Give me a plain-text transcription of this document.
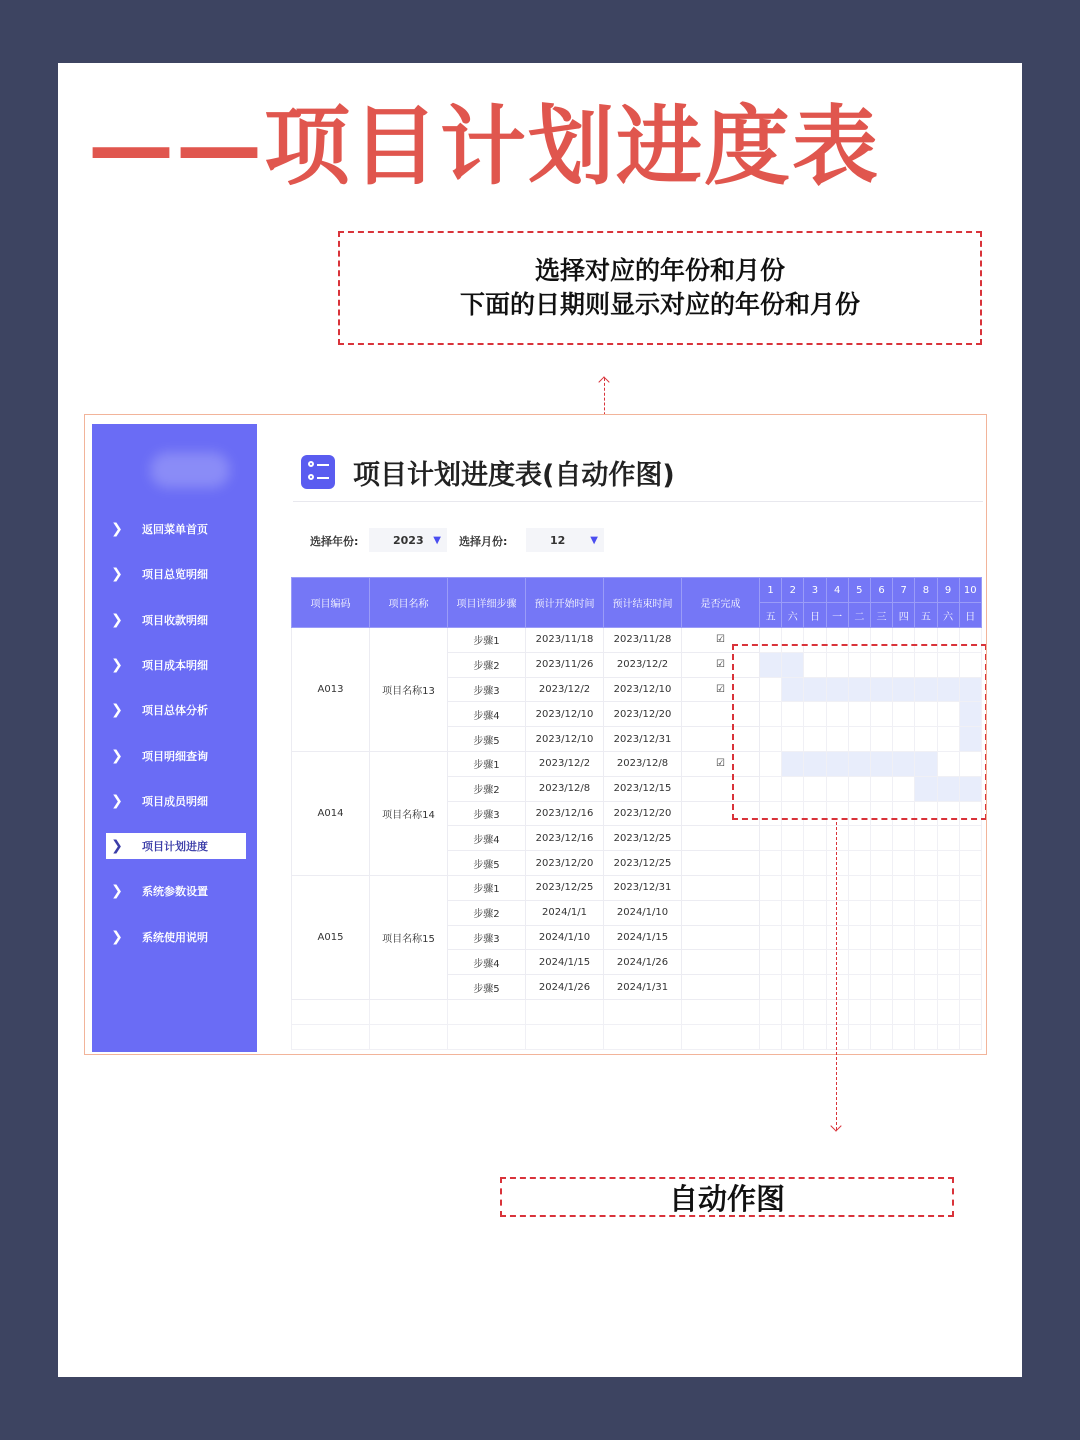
——项目计划进度表
选择对应的年份和月份
下面的日期则显示对应的年份和月份
❯	返回菜单首页
❯	项目总览明细
❯	项目收款明细
❯	项目成本明细
❯	项目总体分析
❯	项目明细查询
❯	项目成员明细
❯	项目计划进度
❯	系统参数设置
❯	系统使用说明
项目计划进度表(自动作图)
选择年份:	2023 ▼ 选择月份:	12 ▼
项目编码	项目名称	项目详细步骤	预计开始时间	预计结束时间	是否完成	1	2	3	4	5	6	7	8	9	10
						五	六	日	一	二	三	四	五	六	日
A013	项目名称13	步骤1	2023/11/18	2023/11/28	☑										
		步骤2	2023/11/26	2023/12/2	☑										
		步骤3	2023/12/2	2023/12/10	☑										
		步骤4	2023/12/10	2023/12/20											
		步骤5	2023/12/10	2023/12/31											
A014	项目名称14	步骤1	2023/12/2	2023/12/8	☑										
		步骤2	2023/12/8	2023/12/15											
		步骤3	2023/12/16	2023/12/20											
		步骤4	2023/12/16	2023/12/25											
		步骤5	2023/12/20	2023/12/25											
A015	项目名称15	步骤1	2023/12/25	2023/12/31											
		步骤2	2024/1/1	2024/1/10											
		步骤3	2024/1/10	2024/1/15											
		步骤4	2024/1/15	2024/1/26											
		步骤5	2024/1/26	2024/1/31											

自动作图
